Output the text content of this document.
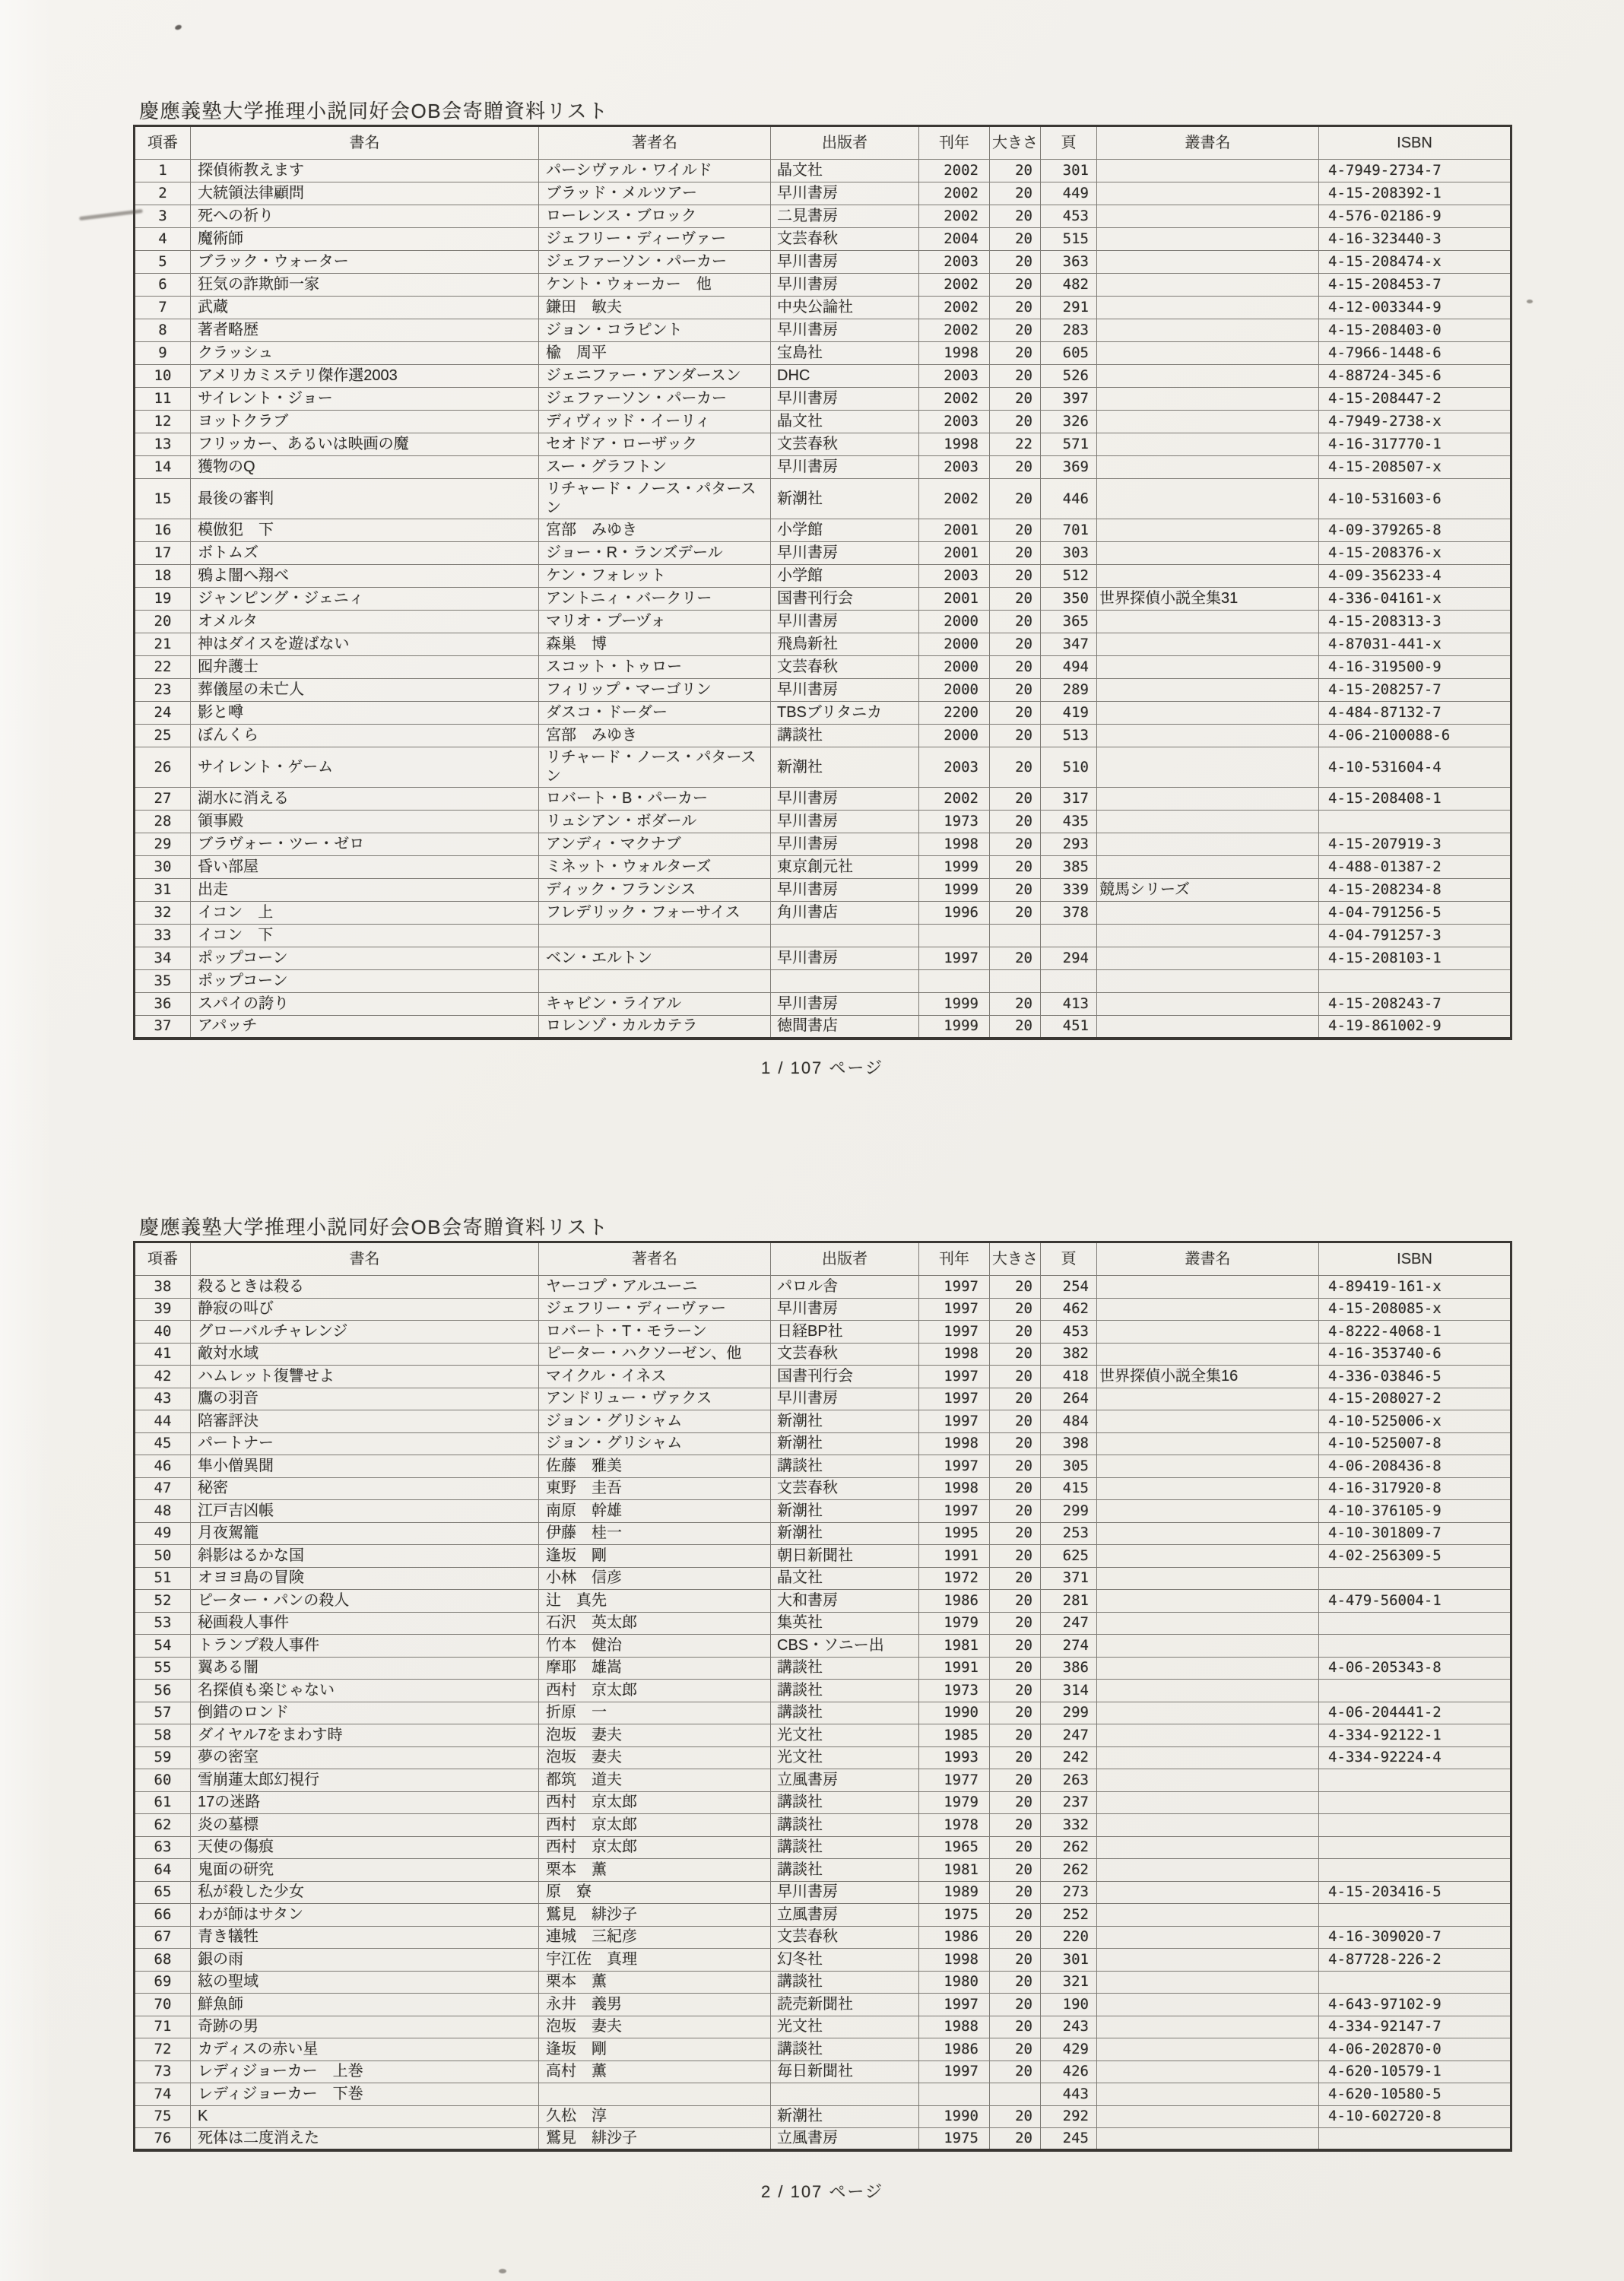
慶應義塾大学推理小説同好会OB会寄贈資料リスト
項番	書名	著者名	出版者	刊年	大きさ	頁	叢書名	ISBN
1	探偵術教えます	パーシヴァル・ワイルド	晶文社	2002	20	301		4-7949-2734-7
2	大統領法律顧問	ブラッド・メルツアー	早川書房	2002	20	449		4-15-208392-1
3	死への祈り	ローレンス・ブロック	二見書房	2002	20	453		4-576-02186-9
4	魔術師	ジェフリー・ディーヴァー	文芸春秋	2004	20	515		4-16-323440-3
5	ブラック・ウォーター	ジェファーソン・パーカー	早川書房	2003	20	363		4-15-208474-x
6	狂気の詐欺師一家	ケント・ウォーカー　他	早川書房	2002	20	482		4-15-208453-7
7	武蔵	鎌田　敏夫	中央公論社	2002	20	291		4-12-003344-9
8	著者略歴	ジョン・コラピント	早川書房	2002	20	283		4-15-208403-0
9	クラッシュ	楡　周平	宝島社	1998	20	605		4-7966-1448-6
10	アメリカミステリ傑作選2003	ジェニファー・アンダースン	DHC	2003	20	526		4-88724-345-6
11	サイレント・ジョー	ジェファーソン・パーカー	早川書房	2002	20	397		4-15-208447-2
12	ヨットクラブ	ディヴィッド・イーリィ	晶文社	2003	20	326		4-7949-2738-x
13	フリッカー、あるいは映画の魔	セオドア・ローザック	文芸春秋	1998	22	571		4-16-317770-1
14	獲物のQ	スー・グラフトン	早川書房	2003	20	369		4-15-208507-x
15	最後の審判	リチャード・ノース・パタースン	新潮社	2002	20	446		4-10-531603-6
16	模倣犯　下	宮部　みゆき	小学館	2001	20	701		4-09-379265-8
17	ボトムズ	ジョー・R・ランズデール	早川書房	2001	20	303		4-15-208376-x
18	鴉よ闇へ翔べ	ケン・フォレット	小学館	2003	20	512		4-09-356233-4
19	ジャンピング・ジェニィ	アントニィ・バークリー	国書刊行会	2001	20	350	世界探偵小説全集31	4-336-04161-x
20	オメルタ	マリオ・プーヅォ	早川書房	2000	20	365		4-15-208313-3
21	神はダイスを遊ばない	森巣　博	飛鳥新社	2000	20	347		4-87031-441-x
22	囮弁護士	スコット・トゥロー	文芸春秋	2000	20	494		4-16-319500-9
23	葬儀屋の未亡人	フィリップ・マーゴリン	早川書房	2000	20	289		4-15-208257-7
24	影と噂	ダスコ・ドーダー	TBSブリタニカ	2200	20	419		4-484-87132-7
25	ぼんくら	宮部　みゆき	講談社	2000	20	513		4-06-2100088-6
26	サイレント・ゲーム	リチャード・ノース・パタースン	新潮社	2003	20	510		4-10-531604-4
27	湖水に消える	ロバート・B・パーカー	早川書房	2002	20	317		4-15-208408-1
28	領事殿	リュシアン・ボダール	早川書房	1973	20	435		
29	ブラヴォー・ツー・ゼロ	アンディ・マクナブ	早川書房	1998	20	293		4-15-207919-3
30	昏い部屋	ミネット・ウォルターズ	東京創元社	1999	20	385		4-488-01387-2
31	出走	ディック・フランシス	早川書房	1999	20	339	競馬シリーズ	4-15-208234-8
32	イコン　上	フレデリック・フォーサイス	角川書店	1996	20	378		4-04-791256-5
33	イコン　下							4-04-791257-3
34	ポップコーン	ベン・エルトン	早川書房	1997	20	294		4-15-208103-1
35	ポップコーン							
36	スパイの誇り	キャビン・ライアル	早川書房	1999	20	413		4-15-208243-7
37	アパッチ	ロレンゾ・カルカテラ	徳間書店	1999	20	451		4-19-861002-9
1 / 107 ページ
慶應義塾大学推理小説同好会OB会寄贈資料リスト
項番	書名	著者名	出版者	刊年	大きさ	頁	叢書名	ISBN
38	殺るときは殺る	ヤーコプ・アルユーニ	パロル舎	1997	20	254		4-89419-161-x
39	静寂の叫び	ジェフリー・ディーヴァー	早川書房	1997	20	462		4-15-208085-x
40	グローバルチャレンジ	ロバート・T・モラーン	日経BP社	1997	20	453		4-8222-4068-1
41	敵対水域	ピーター・ハクソーゼン、他	文芸春秋	1998	20	382		4-16-353740-6
42	ハムレット復讐せよ	マイクル・イネス	国書刊行会	1997	20	418	世界探偵小説全集16	4-336-03846-5
43	鷹の羽音	アンドリュー・ヴァクス	早川書房	1997	20	264		4-15-208027-2
44	陪審評決	ジョン・グリシャム	新潮社	1997	20	484		4-10-525006-x
45	パートナー	ジョン・グリシャム	新潮社	1998	20	398		4-10-525007-8
46	隼小僧異聞	佐藤　雅美	講談社	1997	20	305		4-06-208436-8
47	秘密	東野　圭吾	文芸春秋	1998	20	415		4-16-317920-8
48	江戸吉凶帳	南原　幹雄	新潮社	1997	20	299		4-10-376105-9
49	月夜駕籠	伊藤　桂一	新潮社	1995	20	253		4-10-301809-7
50	斜影はるかな国	逢坂　剛	朝日新聞社	1991	20	625		4-02-256309-5
51	オヨヨ島の冒険	小林　信彦	晶文社	1972	20	371		
52	ピーター・パンの殺人	辻　真先	大和書房	1986	20	281		4-479-56004-1
53	秘画殺人事件	石沢　英太郎	集英社	1979	20	247		
54	トランプ殺人事件	竹本　健治	CBS・ソニー出	1981	20	274		
55	翼ある闇	摩耶　雄嵩	講談社	1991	20	386		4-06-205343-8
56	名探偵も楽じゃない	西村　京太郎	講談社	1973	20	314		
57	倒錯のロンド	折原　一	講談社	1990	20	299		4-06-204441-2
58	ダイヤル7をまわす時	泡坂　妻夫	光文社	1985	20	247		4-334-92122-1
59	夢の密室	泡坂　妻夫	光文社	1993	20	242		4-334-92224-4
60	雪崩蓮太郎幻視行	都筑　道夫	立風書房	1977	20	263		
61	17の迷路	西村　京太郎	講談社	1979	20	237		
62	炎の墓標	西村　京太郎	講談社	1978	20	332		
63	天使の傷痕	西村　京太郎	講談社	1965	20	262		
64	鬼面の研究	栗本　薫	講談社	1981	20	262		
65	私が殺した少女	原　寮	早川書房	1989	20	273		4-15-203416-5
66	わが師はサタン	鷲見　緋沙子	立風書房	1975	20	252		
67	青き犠牲	連城　三紀彦	文芸春秋	1986	20	220		4-16-309020-7
68	銀の雨	宇江佐　真理	幻冬社	1998	20	301		4-87728-226-2
69	絃の聖域	栗本　薫	講談社	1980	20	321		
70	鮮魚師	永井　義男	読売新聞社	1997	20	190		4-643-97102-9
71	奇跡の男	泡坂　妻夫	光文社	1988	20	243		4-334-92147-7
72	カディスの赤い星	逢坂　剛	講談社	1986	20	429		4-06-202870-0
73	レディジョーカー　上巻	高村　薫	毎日新聞社	1997	20	426		4-620-10579-1
74	レディジョーカー　下巻					443		4-620-10580-5
75	K	久松　淳	新潮社	1990	20	292		4-10-602720-8
76	死体は二度消えた	鷲見　緋沙子	立風書房	1975	20	245		
2 / 107 ページ
